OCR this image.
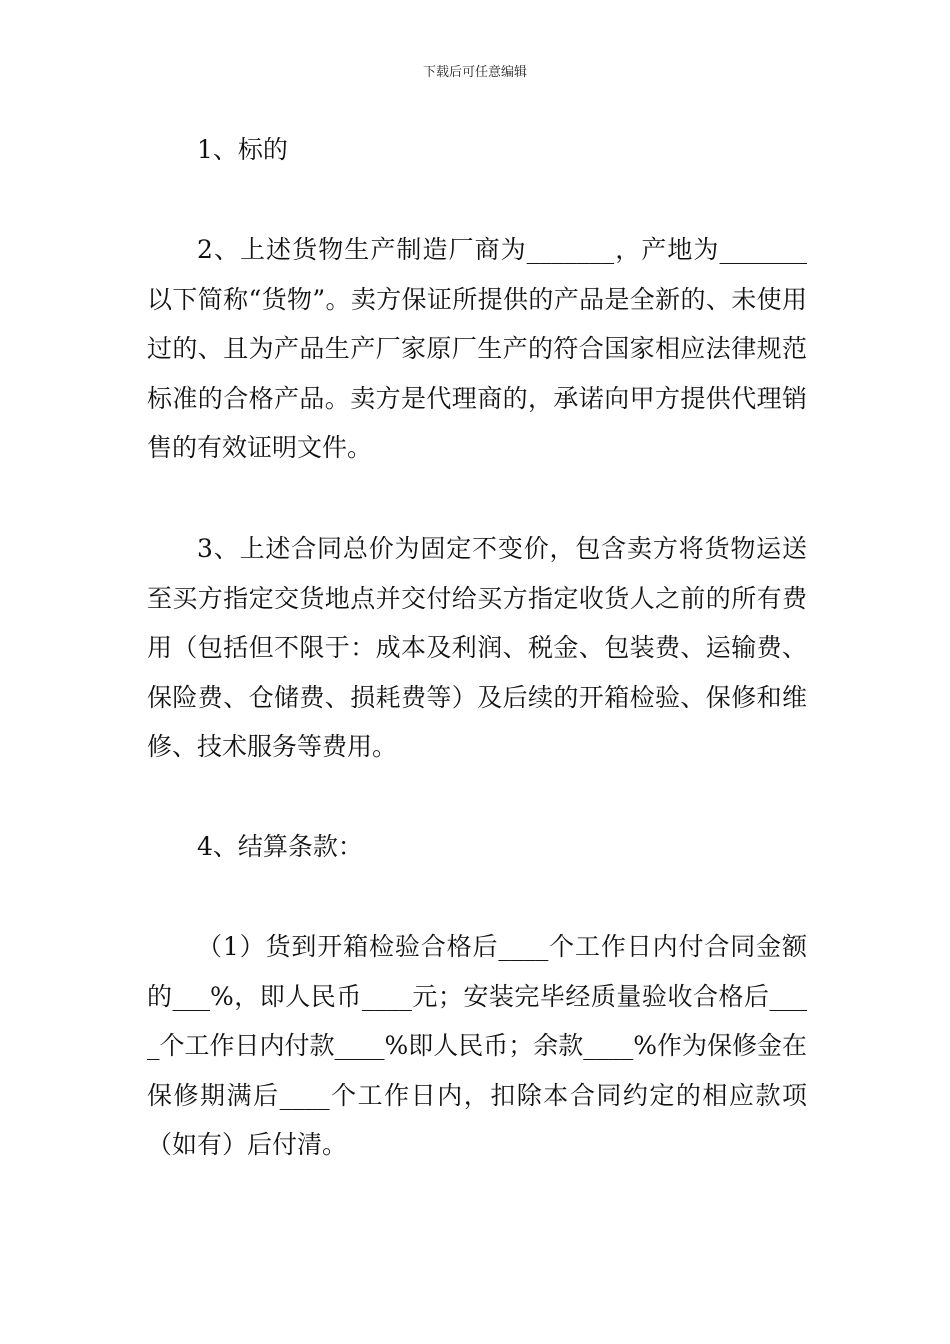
下载后可任意编辑

1、标的

2、上述货物生产制造厂商为_______，产地为_______以下简称“货物”。卖方保证所提供的产品是全新的、未使用过的、且为产品生产厂家原厂生产的符合国家相应法律规范标准的合格产品。卖方是代理商的，承诺向甲方提供代理销售的有效证明文件。

3、上述合同总价为固定不变价，包含卖方将货物运送至买方指定交货地点并交付给买方指定收货人之前的所有费用（包括但不限于：成本及利润、税金、包装费、运输费、保险费、仓储费、损耗费等）及后续的开箱检验、保修和维修、技术服务等费用。

4、结算条款：

（1）货到开箱检验合格后____个工作日内付合同金额的___%，即人民币____元；安装完毕经质量验收合格后____个工作日内付款____%即人民币；余款____%作为保修金在保修期满后____个工作日内，扣除本合同约定的相应款项（如有）后付清。
